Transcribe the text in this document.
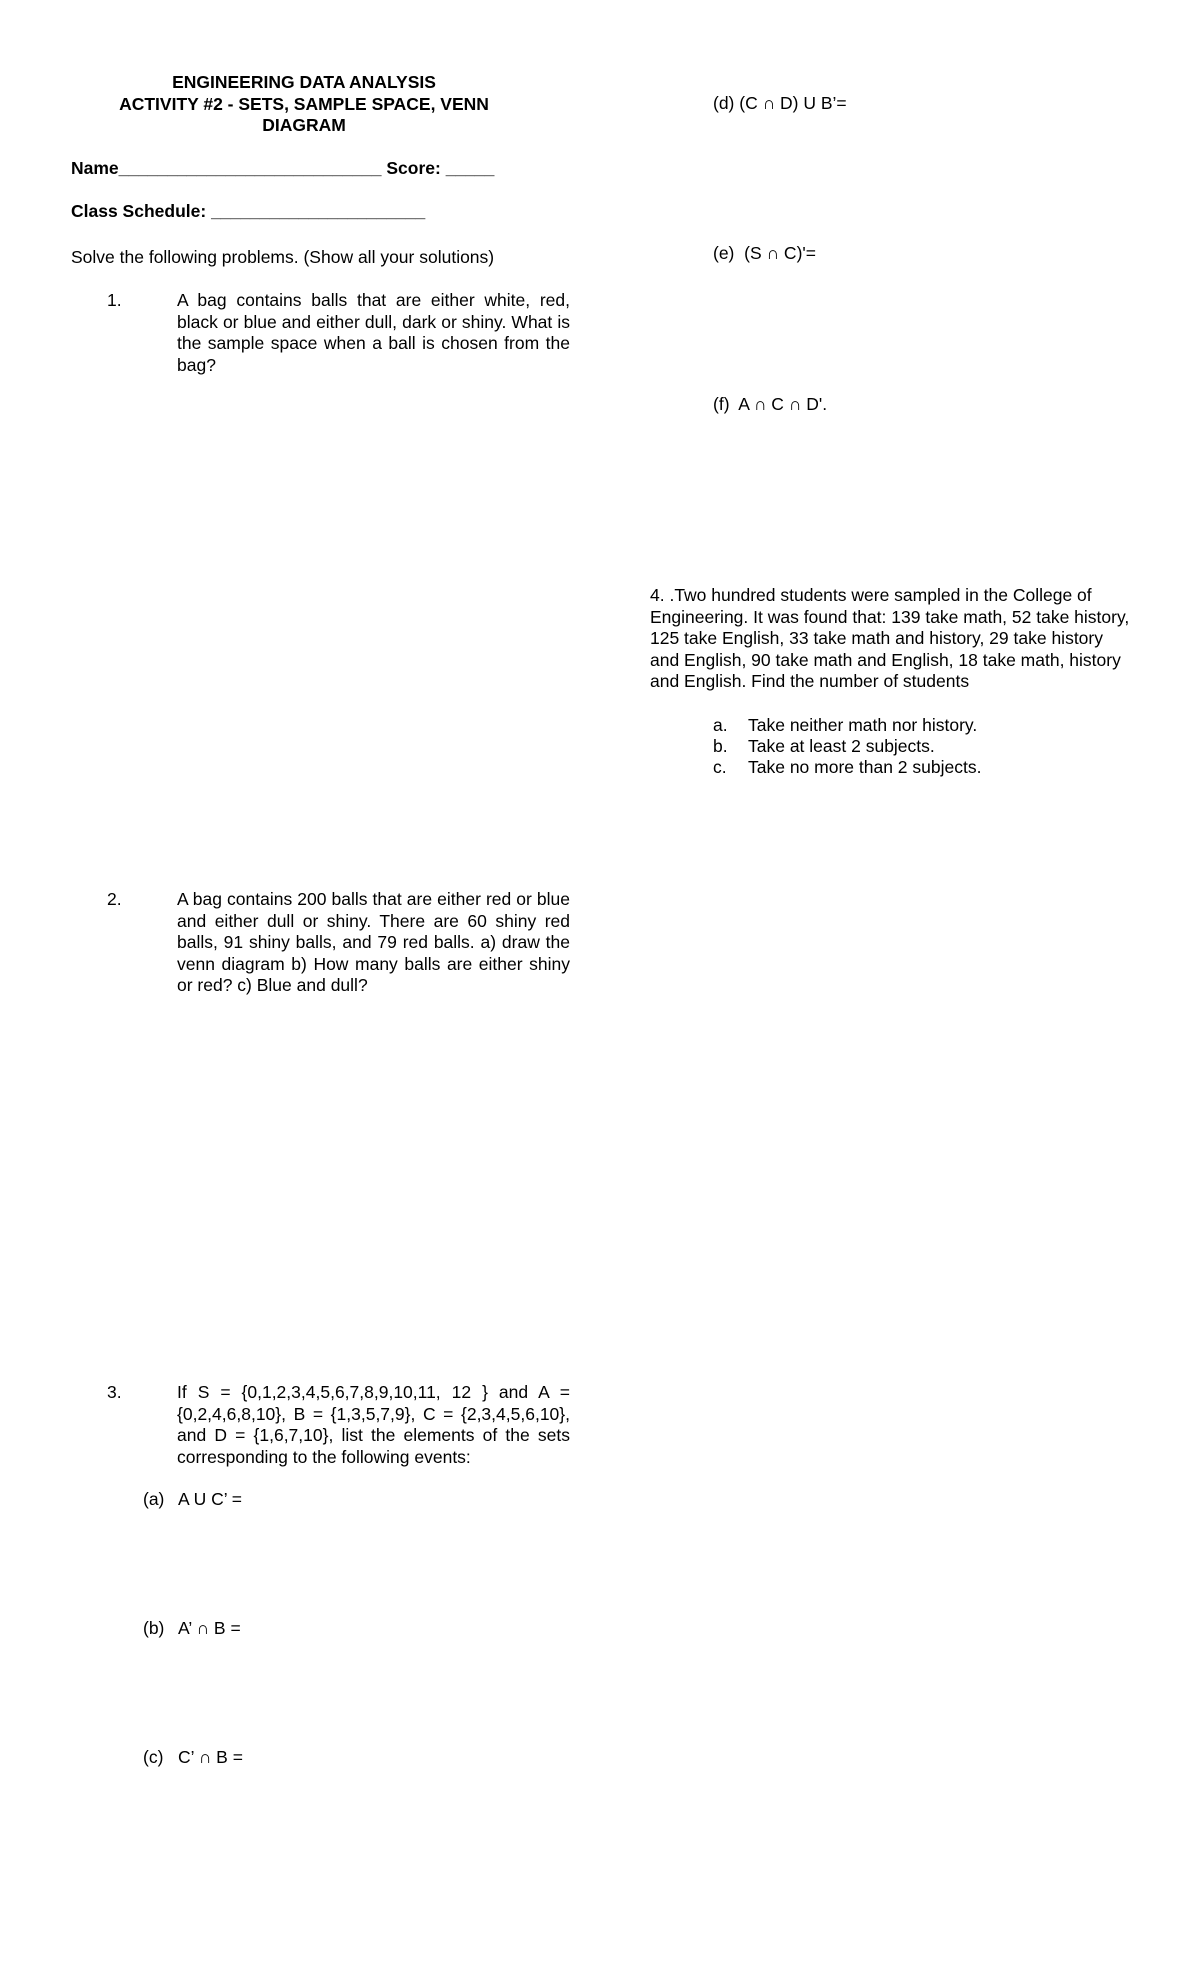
ENGINEERING DATA ANALYSIS
ACTIVITY #2 - SETS, SAMPLE SPACE, VENN
DIAGRAM
Name___________________________ Score: _____
Class Schedule: ______________________
Solve the following problems. (Show all your solutions)
1.	A bag contains balls that are either white, red, black or blue and either dull, dark or shiny. What is the sample space when a ball is chosen from the bag?
2.	A bag contains 200 balls that are either red or blue and either dull or shiny. There are 60 shiny red balls, 91 shiny balls, and 79 red balls. a) draw the venn diagram b) How many balls are either shiny or red? c) Blue and dull?
3.	If S = {0,1,2,3,4,5,6,7,8,9,10,11, 12 } and A = {0,2,4,6,8,10}, B = {1,3,5,7,9}, C = {2,3,4,5,6,10}, and D = {1,6,7,10}, list the elements of the sets corresponding to the following events:
(a) A U C’ =
(b) A’ ∩ B =
(c) C’ ∩ B =
(d) (C ∩ D) U B’=
(e) (S ∩ C)'=
(f) A ∩ C ∩ D'.
4. .Two hundred students were sampled in the College of Engineering. It was found that: 139 take math, 52 take history, 125 take English, 33 take math and history, 29 take history and English, 90 take math and English, 18 take math, history and English. Find the number of students
a. Take neither math nor history.
b. Take at least 2 subjects.
c. Take no more than 2 subjects.
